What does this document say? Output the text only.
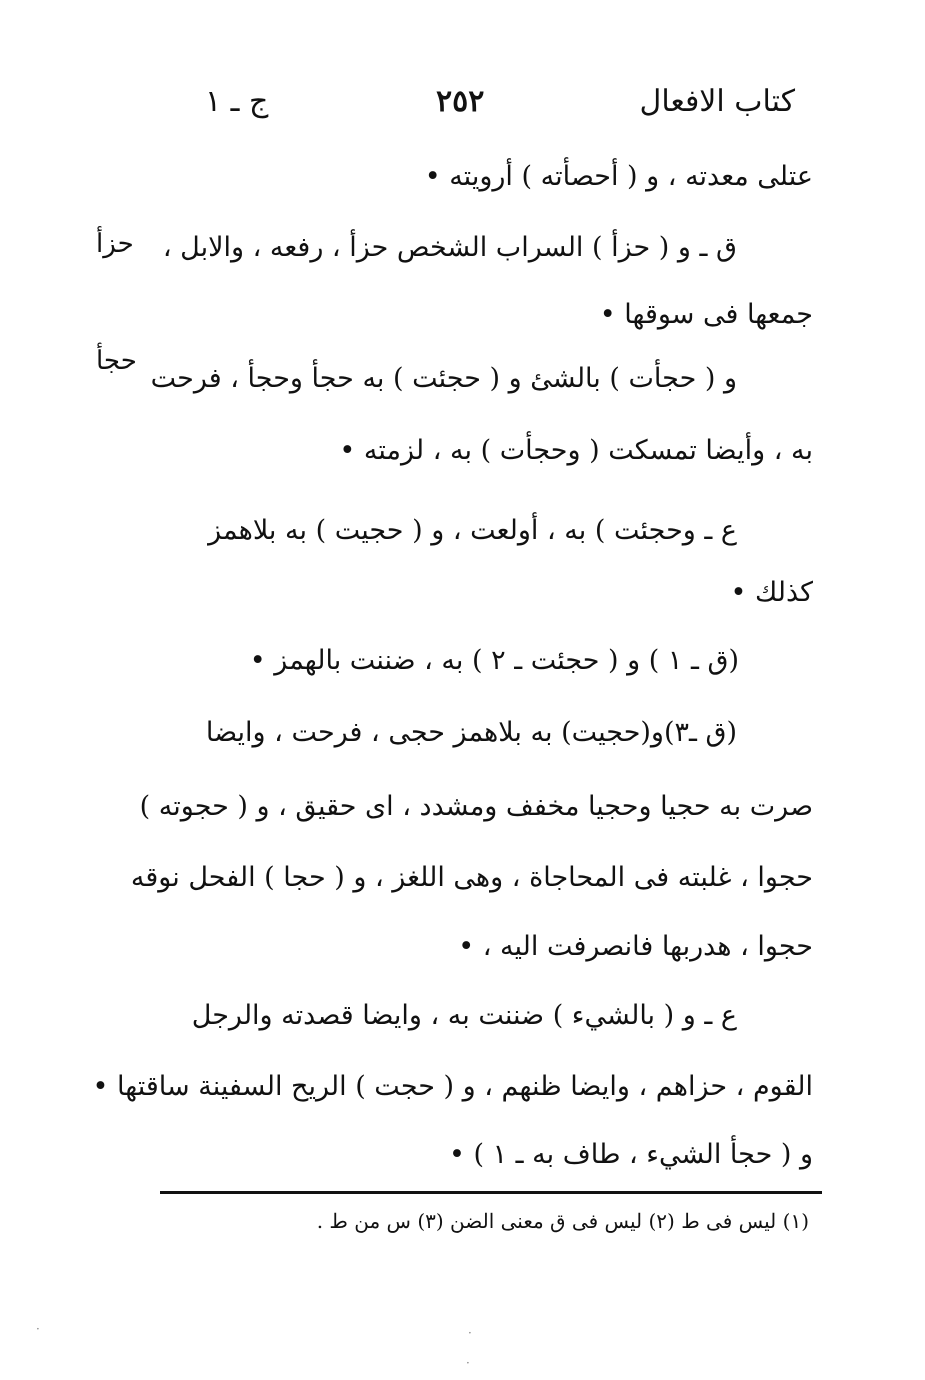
كتاب الافعال
٢٥٢
ج ـ ١
حزأ
حجأ
عتلى معدته ، و ( أحصأته ) أرويته •
ق ـ و ( حزأ ) السراب الشخص حزأ ، رفعه ، والابل ،
جمعها فى سوقها •
و ( حجأت ) بالشئ و ( حجئت ) به حجأ وحجأ ، فرحت
به ، وأيضا تمسكت ( وحجأت ) به ، لزمته •
ع ـ وحجئت ) به ، أولعت ، و ( حجيت ) به بلاهمز
كذلك •
(ق ـ ١ ) و ( حجئت ـ ٢ ) به ، ضننت بالهمز •
(ق ـ٣)و(حجيت) به بلاهمز حجى ، فرحت ، وايضا
صرت به حجيا وحجيا مخفف ومشدد ، اى حقيق ، و ( حجوته )
حجوا ، غلبته فى المحاجاة ، وهى اللغز ، و ( حجا ) الفحل نوقه
حجوا ، هدربها فانصرفت اليه ، •
ع ـ و ( بالشيء ) ضننت به ، وايضا قصدته والرجل
القوم ، حزاهم ، وايضا ظنهم ، و ( حجت ) الريح السفينة ساقتها •
و ( حجأ الشيء ، طاف به ـ ١ ) •
(١) ليس فى ط (٢) ليس فى ق معنى الضن (٣) س من ط .
·
·
·
